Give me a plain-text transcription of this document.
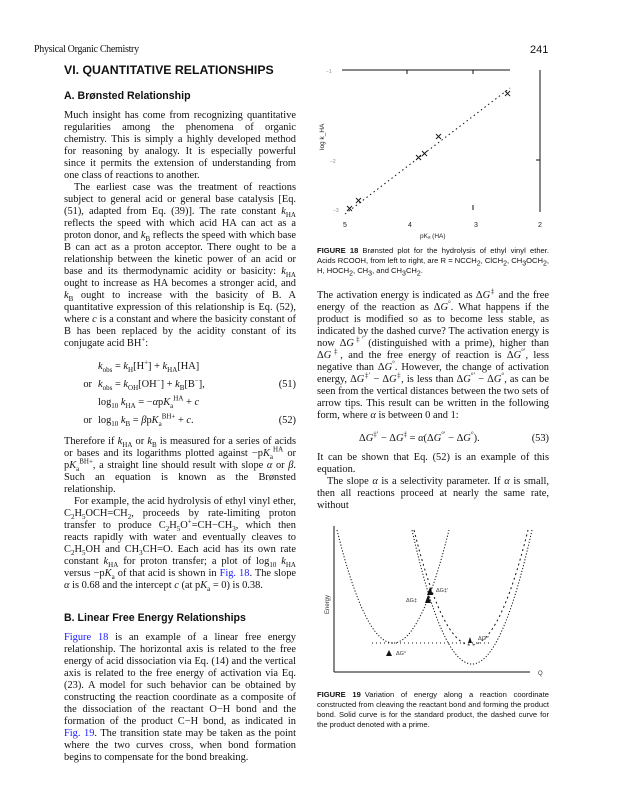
Physical Organic Chemistry	241
VI. QUANTITATIVE RELATIONSHIPS
A. Brønsted Relationship

Much insight has come from recognizing quantitative regularities among the phenomena of organic chemistry. This is simply a highly developed method for reasoning by analogy. It is especially powerful since it permits the extension of understanding from one class of reactions to another.

The earliest case was the treatment of reactions subject to general acid or general base catalysis [Eq. (51), adapted from Eq. (39)]. The rate constant $k_{HA}$ reflects the speed with which acid HA can act as a proton donor, and $k_B$ reflects the speed with which base B can act as a proton acceptor. There ought to be a relationship between the kinetic power of an acid or base and its thermodynamic acidity or basicity: $k_{HA}$ ought to increase as HA becomes a stronger acid, and $k_B$ ought to increase with the basicity of B. A quantitative expression of this relationship is Eq. (52), where c is a constant and where the basicity constant of B has been replaced by the acidity constant of its conjugate acid BH+:

$k_{obs} = k_H[H^+] + k_{HA}[HA]$
or $k_{obs} = k_{OH}[OH^-] + k_B[B^-]$,	(51)
$\log_{10} k_{HA} = -\alpha pK_a^{HA} + c$
or $\log_{10} k_B = \beta pK_a^{BH+} + c$.	(52)

Therefore if $k_{HA}$ or $k_B$ is measured for a series of acids or bases and its logarithms plotted against $-pK_a^{HA}$ or $pK_a^{BH+}$, a straight line should result with slope α or β. Such an equation is known as the Brønsted relationship.

For example, the acid hydrolysis of ethyl vinyl ether, $C_2H_5OCH=CH_2$, proceeds by rate-limiting proton transfer to produce $C_2H_5O^+=CH-CH_3$, which then reacts rapidly with water and eventually cleaves to $C_2H_5OH$ and $CH_3CH=O$. Each acid has its own rate constant $k_{HA}$ for proton transfer; a plot of $\log_{10} k_{HA}$ versus $-pK_a$ of that acid is shown in Fig. 18. The slope α is 0.68 and the intercept c (at $pK_a = 0$) is 0.38.

B. Linear Free Energy Relationships

Figure 18 is an example of a linear free energy relationship. The horizontal axis is related to the free energy of acid dissociation via Eq. (14) and the vertical axis is related to the free energy of activation via Eq. (23). A model for such behavior can be obtained by constructing the reaction coordinate as a composite of the dissociation of the reactant O−H bond and the formation of the product C−H bond, as indicated in Fig. 19. The transition state may be taken as the point where the two curves cross, when bond formation begins to compensate for the bond breaking.

5	4	3	2
−1
−2
−3
pKₐ (HA)
log k_HA
FIGURE 18 Brønsted plot for the hydrolysis of ethyl vinyl ether. Acids RCOOH, from left to right, are $R = NCCH_2$, ClCH$_2$, $CH_3OCH_2$, H, $HOCH_2$, $CH_3$, and $CH_3CH_2$.

The activation energy is indicated as ΔG‡ and the free energy of the reaction as ΔG°. What happens if the product is modified so as to become less stable, as indicated by the dashed curve? The activation energy is now ΔG‡′ (distinguished with a prime), higher than ΔG‡, and the free energy of reaction is ΔG°′, less negative than ΔG°. However, the change of activation energy, ΔG‡′ − ΔG‡, is less than ΔG°′ − ΔG°, as can be seen from the vertical distances between the two sets of arrow tips. This result can be written in the following form, where α is between 0 and 1:

ΔG‡′ − ΔG‡ = α(ΔG°′ − ΔG°).	(53)

It can be shown that Eq. (52) is an example of this equation.

The slope α is a selectivity parameter. If α is small, then all reactions proceed at nearly the same rate, without

ΔG‡
ΔG‡′
ΔG°
ΔG°′
Q
Energy
FIGURE 19 Variation of energy along a reaction coordinate constructed from cleaving the reactant bond and forming the product bond. Solid curve is for the standard product, the dashed curve for the product denoted with a prime.
